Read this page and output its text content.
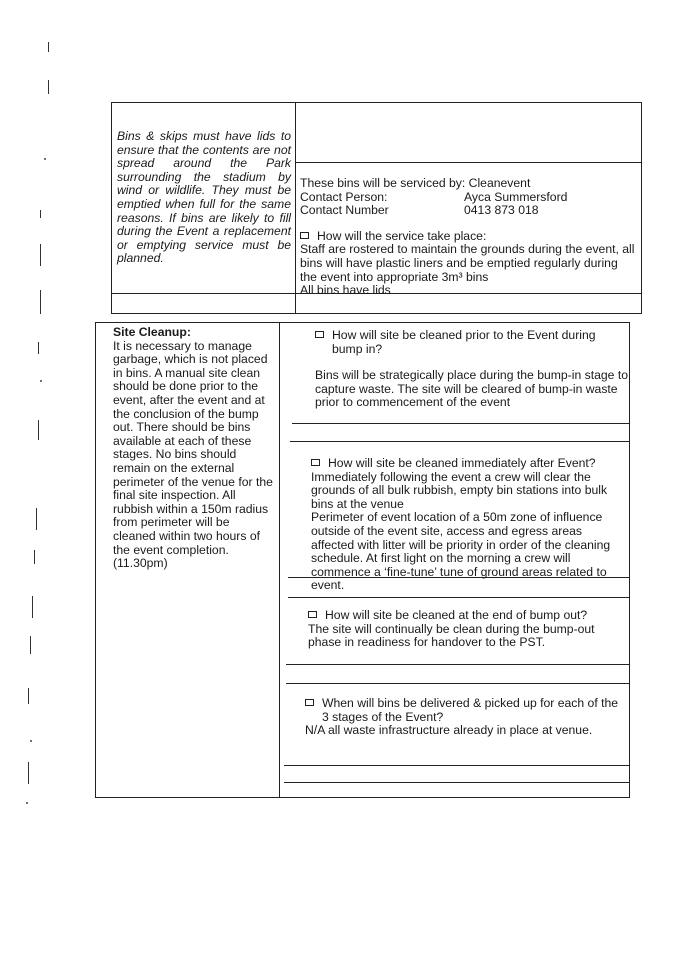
Bins & skips must have lids to ensure that the contents are not spread around the Park surrounding the stadium by wind or wildlife. They must be emptied when full for the same reasons. If bins are likely to fill during the Event a replacement or emptying service must be planned.
These bins will be serviced by: Cleanevent
Contact Person:	Ayca Summersford
Contact Number	0413 873 018
How will the service take place:
Staff are rostered to maintain the grounds during the event, all bins will have plastic liners and be emptied regularly during the event into appropriate 3m³ bins
All bins have lids
Site Cleanup:
It is necessary to manage garbage, which is not placed in bins. A manual site clean should be done prior to the event, after the event and at the conclusion of the bump out. There should be bins available at each of these stages. No bins should remain on the external perimeter of the venue for the final site inspection. All rubbish within a 150m radius from perimeter will be cleaned within two hours of the event completion. (11.30pm)
How will site be cleaned prior to the Event during bump in?
Bins will be strategically place during the bump-in stage to capture waste. The site will be cleared of bump-in waste prior to commencement of the event
How will site be cleaned immediately after Event?
Immediately following the event a crew will clear the grounds of all bulk rubbish, empty bin stations into bulk bins at the venue
Perimeter of event location of a 50m zone of influence outside of the event site, access and egress areas affected with litter will be priority in order of the cleaning schedule. At first light on the morning a crew will commence a ‘fine-tune’ tune of ground areas related to event.
How will site be cleaned at the end of bump out?
The site will continually be clean during the bump-out phase in readiness for handover to the PST.
When will bins be delivered & picked up for each of the 3 stages of the Event?
N/A all waste infrastructure already in place at venue.
